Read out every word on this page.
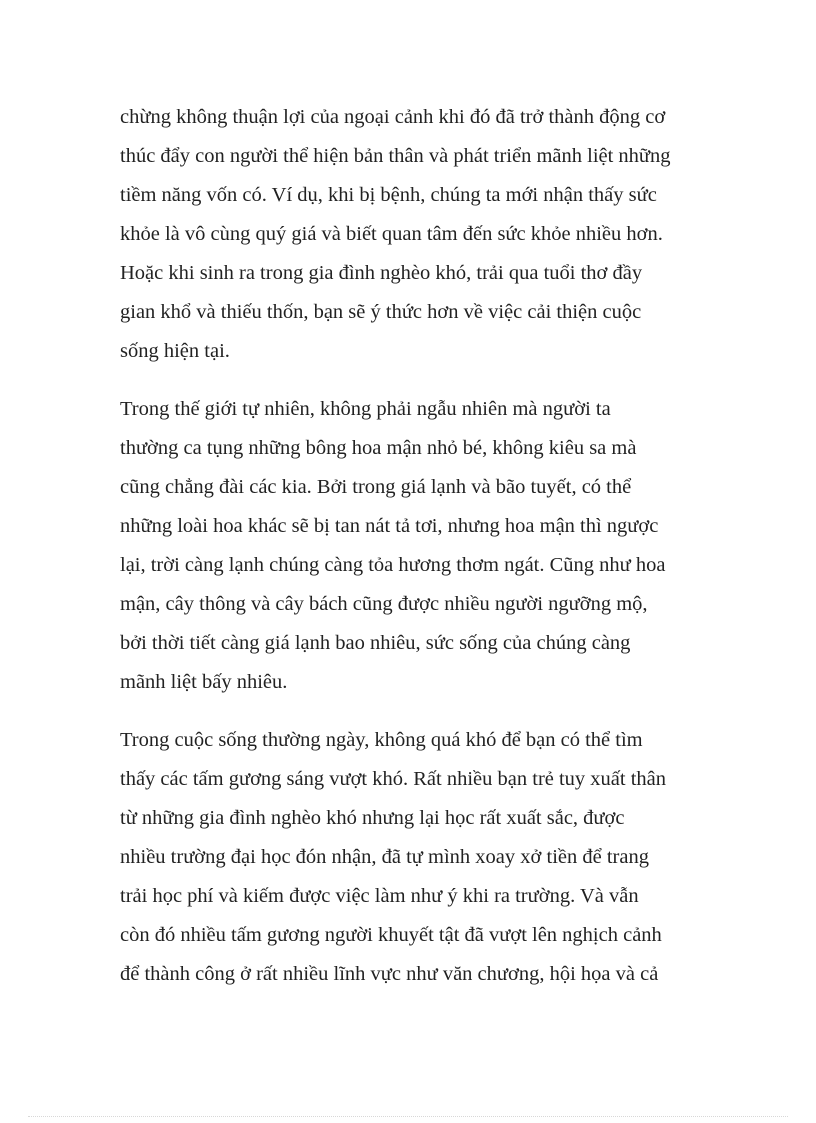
chừng không thuận lợi của ngoại cảnh khi đó đã trở thành động cơ
thúc đẩy con người thể hiện bản thân và phát triển mãnh liệt những
tiềm năng vốn có. Ví dụ, khi bị bệnh, chúng ta mới nhận thấy sức
khỏe là vô cùng quý giá và biết quan tâm đến sức khỏe nhiều hơn.
Hoặc khi sinh ra trong gia đình nghèo khó, trải qua tuổi thơ đầy
gian khổ và thiếu thốn, bạn sẽ ý thức hơn về việc cải thiện cuộc
sống hiện tại.
Trong thế giới tự nhiên, không phải ngẫu nhiên mà người ta
thường ca tụng những bông hoa mận nhỏ bé, không kiêu sa mà
cũng chẳng đài các kia. Bởi trong giá lạnh và bão tuyết, có thể
những loài hoa khác sẽ bị tan nát tả tơi, nhưng hoa mận thì ngược
lại, trời càng lạnh chúng càng tỏa hương thơm ngát. Cũng như hoa
mận, cây thông và cây bách cũng được nhiều người ngưỡng mộ,
bởi thời tiết càng giá lạnh bao nhiêu, sức sống của chúng càng
mãnh liệt bấy nhiêu.
Trong cuộc sống thường ngày, không quá khó để bạn có thể tìm
thấy các tấm gương sáng vượt khó. Rất nhiều bạn trẻ tuy xuất thân
từ những gia đình nghèo khó nhưng lại học rất xuất sắc, được
nhiều trường đại học đón nhận, đã tự mình xoay xở tiền để trang
trải học phí và kiếm được việc làm như ý khi ra trường. Và vẫn
còn đó nhiều tấm gương người khuyết tật đã vượt lên nghịch cảnh
để thành công ở rất nhiều lĩnh vực như văn chương, hội họa và cả
